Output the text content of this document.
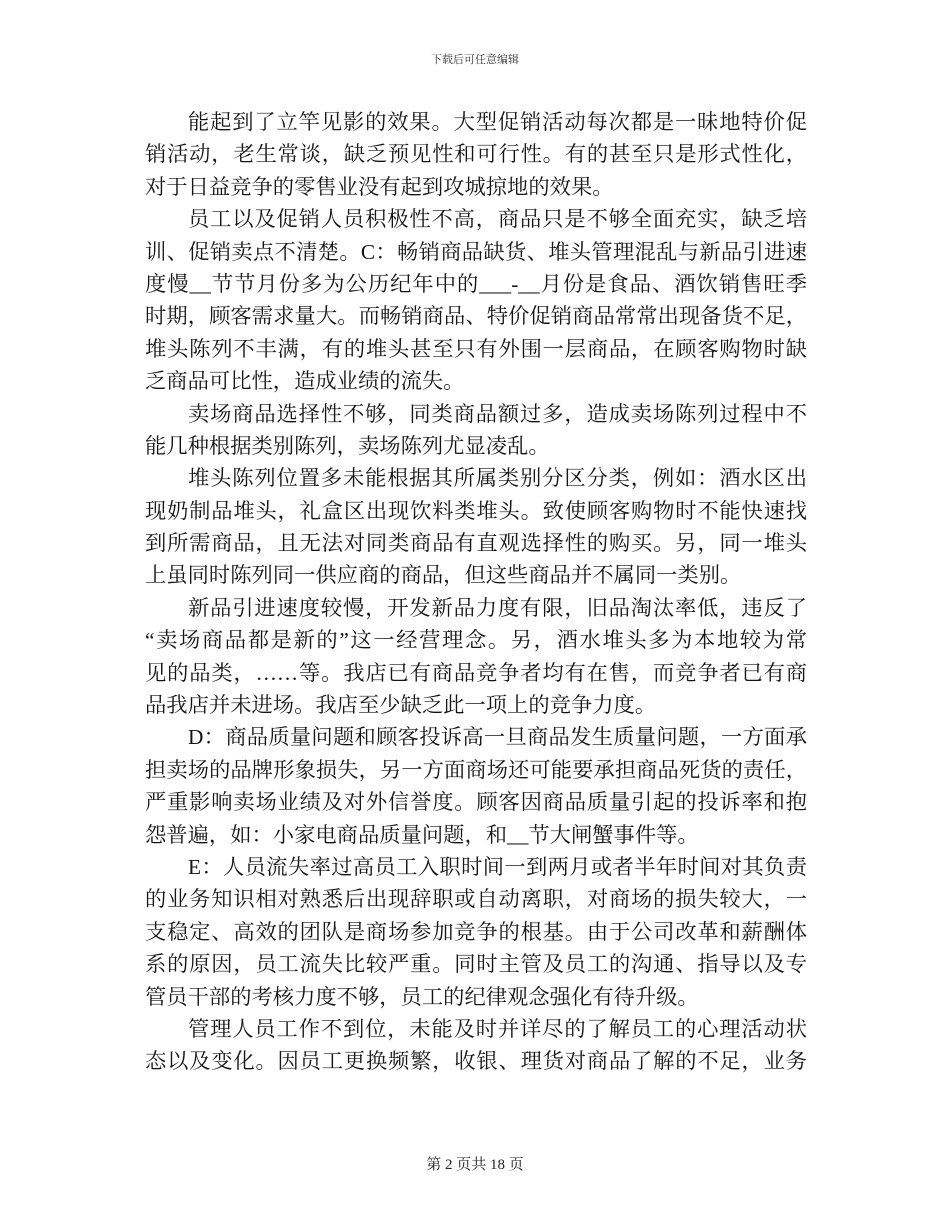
下载后可任意编辑
能起到了立竿见影的效果。大型促销活动每次都是一昧地特价促
销活动，老生常谈，缺乏预见性和可行性。有的甚至只是形式性化，
对于日益竞争的零售业没有起到攻城掠地的效果。
员工以及促销人员积极性不高，商品只是不够全面充实，缺乏培
训、促销卖点不清楚。C：畅销商品缺货、堆头管理混乱与新品引进速
度慢__节节月份多为公历纪年中的___-__月份是食品、酒饮销售旺季
时期，顾客需求量大。而畅销商品、特价促销商品常常出现备货不足，
堆头陈列不丰满，有的堆头甚至只有外围一层商品，在顾客购物时缺
乏商品可比性，造成业绩的流失。
卖场商品选择性不够，同类商品额过多，造成卖场陈列过程中不
能几种根据类别陈列，卖场陈列尤显凌乱。
堆头陈列位置多未能根据其所属类别分区分类，例如：酒水区出
现奶制品堆头，礼盒区出现饮料类堆头。致使顾客购物时不能快速找
到所需商品，且无法对同类商品有直观选择性的购买。另，同一堆头
上虽同时陈列同一供应商的商品，但这些商品并不属同一类别。
新品引进速度较慢，开发新品力度有限，旧品淘汰率低，违反了
“卖场商品都是新的”这一经营理念。另，酒水堆头多为本地较为常
见的品类，……等。我店已有商品竞争者均有在售，而竞争者已有商
品我店并未进场。我店至少缺乏此一项上的竞争力度。
D：商品质量问题和顾客投诉高一旦商品发生质量问题，一方面承
担卖场的品牌形象损失，另一方面商场还可能要承担商品死货的责任，
严重影响卖场业绩及对外信誉度。顾客因商品质量引起的投诉率和抱
怨普遍，如：小家电商品质量问题，和__节大闸蟹事件等。
E：人员流失率过高员工入职时间一到两月或者半年时间对其负责
的业务知识相对熟悉后出现辞职或自动离职，对商场的损失较大，一
支稳定、高效的团队是商场参加竞争的根基。由于公司改革和薪酬体
系的原因，员工流失比较严重。同时主管及员工的沟通、指导以及专
管员干部的考核力度不够，员工的纪律观念强化有待升级。
管理人员工作不到位，未能及时并详尽的了解员工的心理活动状
态以及变化。因员工更换频繁，收银、理货对商品了解的不足，业务
第 2 页共 18 页
